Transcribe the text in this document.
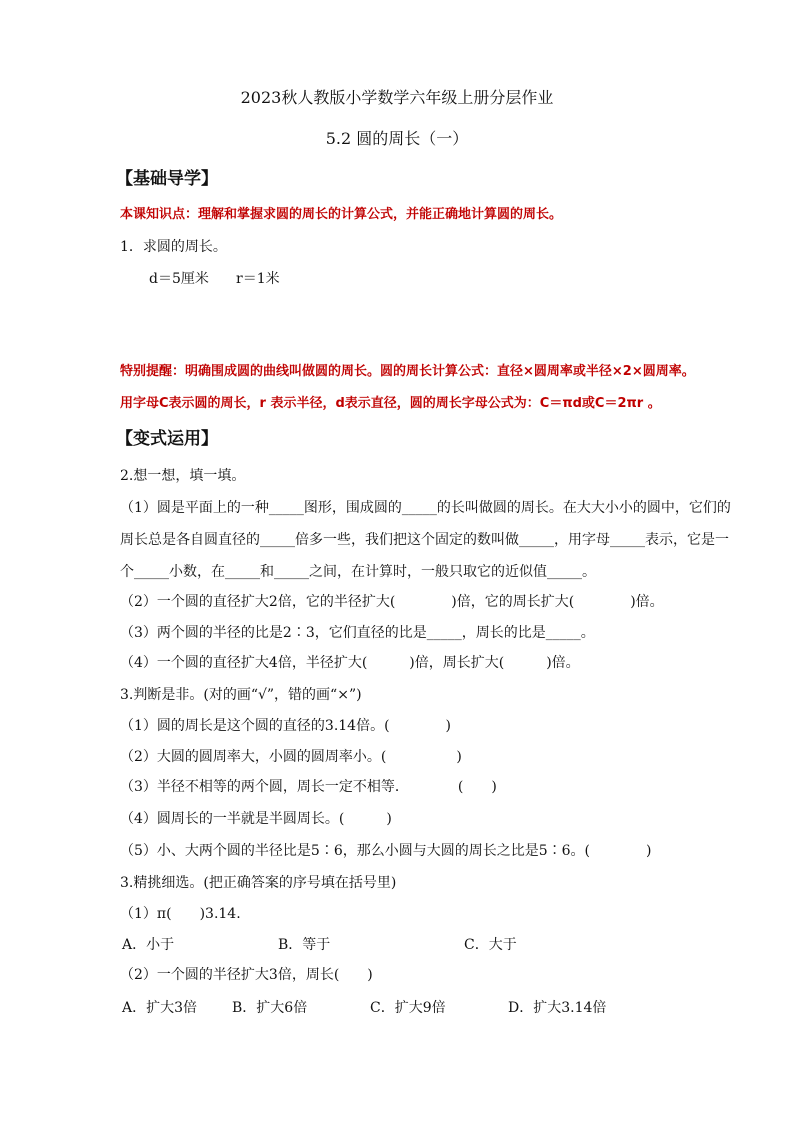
2023秋人教版小学数学六年级上册分层作业
5.2 圆的周长（一）
【基础导学】
本课知识点：理解和掌握求圆的周长的计算公式，并能正确地计算圆的周长。
1．求圆的周长。
d＝5厘米 r＝1米
特别提醒：明确围成圆的曲线叫做圆的周长。圆的周长计算公式：直径×圆周率或半径×2×圆周率。
用字母C表示圆的周长，r 表示半径，d表示直径，圆的周长字母公式为：C＝πd或C＝2πr 。
【变式运用】
2.想一想，填一填。
（1）圆是平面上的一种_____图形，围成圆的_____的长叫做圆的周长。在大大小小的圆中，它们的
周长总是各自圆直径的_____倍多一些，我们把这个固定的数叫做_____，用字母_____表示，它是一
个_____小数，在_____和_____之间，在计算时，一般只取它的近似值_____。
（2）一个圆的直径扩大2倍，它的半径扩大(　　　　)倍，它的周长扩大(　　　　)倍。
（3）两个圆的半径的比是2∶3，它们直径的比是_____，周长的比是_____。
（4）一个圆的直径扩大4倍，半径扩大(　　　)倍，周长扩大(　　　)倍。
3.判断是非。(对的画“√”，错的画“×”)
（1）圆的周长是这个圆的直径的3.14倍。(　　　　)
（2）大圆的圆周率大，小圆的圆周率小。(　　　　　)
（3）半径不相等的两个圆，周长一定不相等．　　　　(　　)
（4）圆周长的一半就是半圆周长。(　　　)
（5）小、大两个圆的半径比是5∶6，那么小圆与大圆的周长之比是5∶6。(　　　　)
3.精挑细选。(把正确答案的序号填在括号里)
（1）π(　　)3.14.
A．小于	B．等于	C．大于
（2）一个圆的半径扩大3倍，周长(　　)
A．扩大3倍 B．扩大6倍	C．扩大9倍	D．扩大3.14倍
